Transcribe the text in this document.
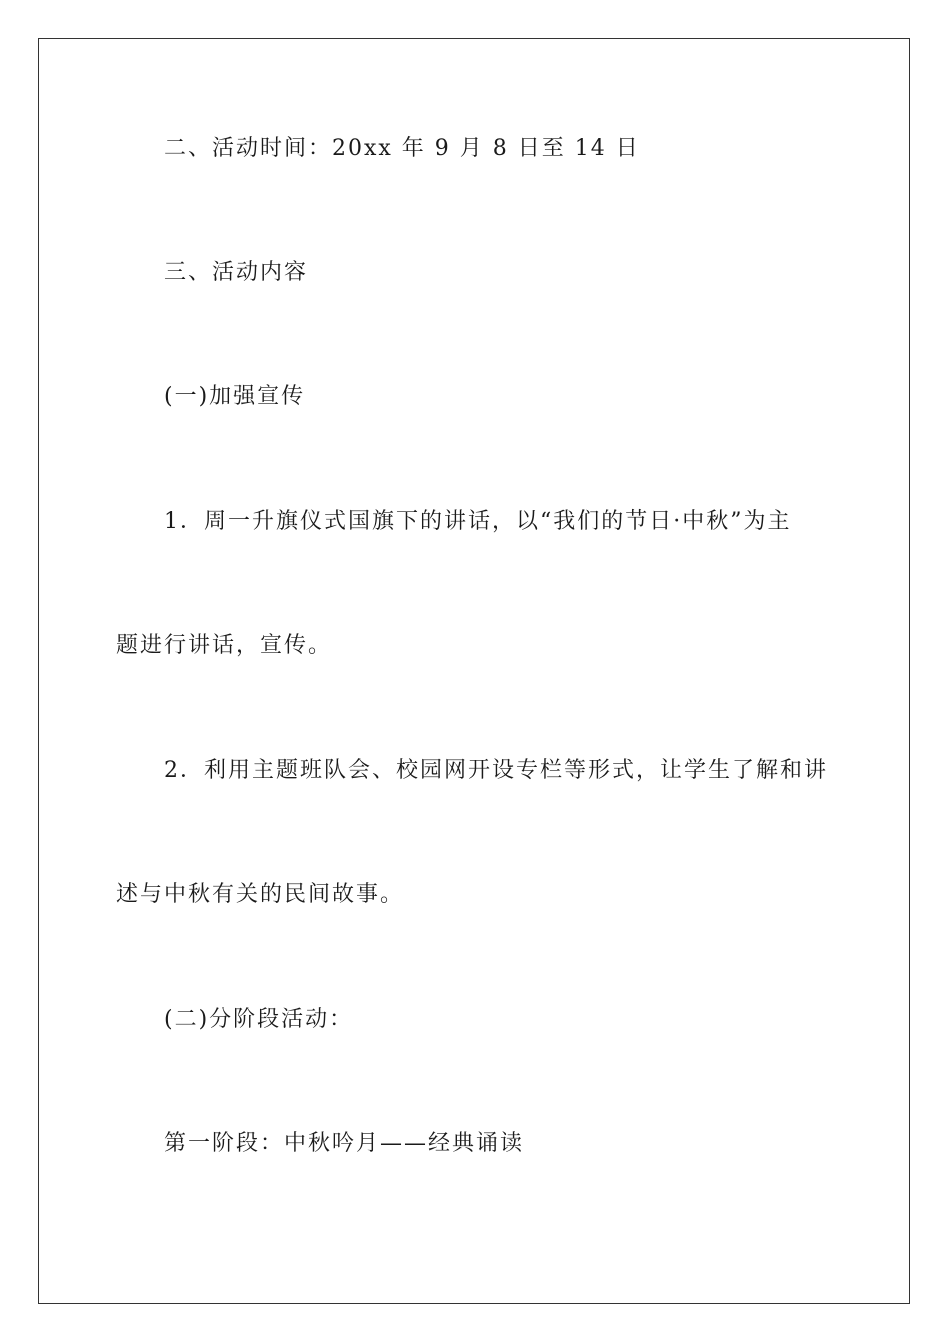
二、活动时间：20xx 年 9 月 8 日至 14 日
三、活动内容
(一)加强宣传
1．周一升旗仪式国旗下的讲话，以“我们的节日·中秋”为主
题进行讲话，宣传。
2．利用主题班队会、校园网开设专栏等形式，让学生了解和讲
述与中秋有关的民间故事。
(二)分阶段活动：
第一阶段：中秋吟月——经典诵读
